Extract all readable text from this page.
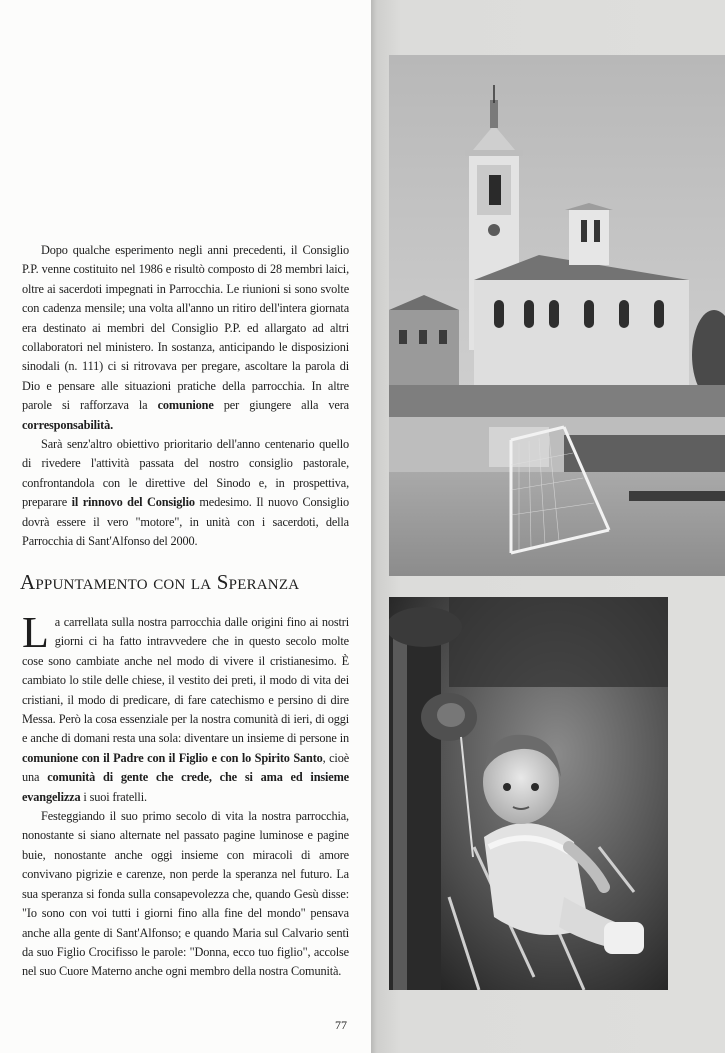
Dopo qualche esperimento negli anni precedenti, il Consiglio P.P. venne costituito nel 1986 e risultò composto di 28 membri laici, oltre ai sacerdoti impegnati in Parrocchia. Le riunioni si sono svolte con cadenza mensile; una volta all'anno un ritiro dell'intera giornata era destinato ai membri del Consiglio P.P. ed allargato ad altri collaboratori nel ministero. In sostanza, anticipando le disposizioni sinodali (n. 111) ci si ritrovava per pregare, ascoltare la parola di Dio e pensare alle situazioni pratiche della parrocchia. In altre parole si rafforzava la comunione per giungere alla vera corresponsabilità.

Sarà senz'altro obiettivo prioritario dell'anno centenario quello di rivedere l'attività passata del nostro consiglio pastorale, confrontandola con le direttive del Sinodo e, in prospettiva, preparare il rinnovo del Consiglio medesimo. Il nuovo Consiglio dovrà essere il vero "motore", in unità con i sacerdoti, della Parrocchia di Sant'Alfonso del 2000.

Appuntamento con la Speranza

La carrellata sulla nostra parrocchia dalle origini fino ai nostri giorni ci ha fatto intravvedere che in questo secolo molte cose sono cambiate anche nel modo di vivere il cristianesimo. È cambiato lo stile delle chiese, il vestito dei preti, il modo di vita dei cristiani, il modo di predicare, di fare catechismo e persino di dire Messa. Però la cosa essenziale per la nostra comunità di ieri, di oggi e anche di domani resta una sola: diventare un insieme di persone in comunione con il Padre con il Figlio e con lo Spirito Santo, cioè una comunità di gente che crede, che si ama ed insieme evangelizza i suoi fratelli.

Festeggiando il suo primo secolo di vita la nostra parrocchia, nonostante si siano alternate nel passato pagine luminose e pagine buie, nonostante anche oggi insieme con miracoli di amore convivano pigrizie e carenze, non perde la speranza nel futuro. La sua speranza si fonda sulla consapevolezza che, quando Gesù disse: "Io sono con voi tutti i giorni fino alla fine del mondo" pensava anche alla gente di Sant'Alfonso; e quando Maria sul Calvario sentì da suo Figlio Crocifisso le parole: "Donna, ecco tuo figlio", accolse nel suo Cuore Materno anche ogni membro della nostra Comunità.

77
